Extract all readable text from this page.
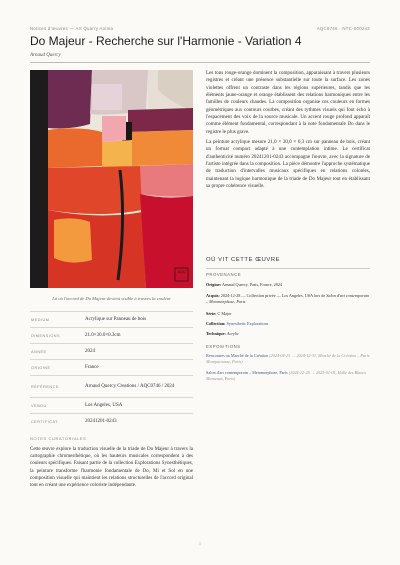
Notices d'œuvres — Art Quarry Anima	AQC0746 · NTC-000243
Do Majeur - Recherche sur l'Harmonie - Variation 4
Arnaud Quercy
AQC
Là où l'accord de Do Majeur devient visible à travers la couleur
MEDIUM	Acrylique sur Panneau de bois
DIMENSIONS	21.0×30.0×0.3cm
ANNÉE	2024
ORIGINE	France
RÉFÉRENCE	Arnaud Quercy Creations / AQC0746 / 2024
VENDU	Los Angeles, USA
CERTIFICAT	20241201-0243
NOTES CURATORIALES

Cette œuvre explore la traduction visuelle de la triade de Do Majeur à travers la cartographie chromesthétique, où les hauteurs musicales correspondent à des couleurs spécifiques. Faisant partie de la collection Explorations Synesthétiques, la peinture transforme l'harmonie fondamentale de Do, Mi et Sol en une composition visuelle qui maintient les relations structurelles de l'accord original tout en créant une expérience coloriste indépendante.

Les tons rouge-orange dominent la composition, apparaissant à travers plusieurs registres et créant une présence substantielle sur toute la surface. Les zones violettes offrent un contraste dans les régions supérieures, tandis que les éléments jaune-orange et orange établissent des relations harmoniques entre les familles de couleurs chaudes. La composition organise ces couleurs en formes géométriques aux contours courbes, créant des rythmes visuels qui font écho à l'espacement des voix de la source musicale. Un accent rouge profond apparaît comme élément fondamental, correspondant à la note fondamentale Do dans le registre le plus grave.

La peinture acrylique mesure 21,0 × 30,0 × 0,3 cm sur panneau de bois, créant un format compact adapté à une contemplation intime. Le certificat d'authenticité numéro 20241201-0243 accompagne l'œuvre, avec la signature de l'artiste intégrée dans la composition. La pièce démontre l'approche systématique de traduction d'intervalles musicaux spécifiques en relations colorées, maintenant la logique harmonique de la triade de Do Majeur tout en établissant sa propre cohérence visuelle.

OÙ VIT CETTE ŒUVRE
PROVENANCE
Origine: Arnaud Quercy, Paris, France, 2024
Acquis: 2024-12-28 — Collection privée — Los Angeles, USA lors de Salon d'art contemporain – Metamorphose, Paris
Série: C Major
Collection: Synesthetic Explorations
Technique: Acrylic
EXPOSITIONS
Rencontres au Marché de la Création (2024-04-25 → 2024-12-31, Marché de la Création – Paris Montparnasse, Paris)
Salon d'art contemporain – Metamorphose, Paris (2024-12-26 → 2025-01-05, Halle des Blancs Manteaux, Paris)
1
